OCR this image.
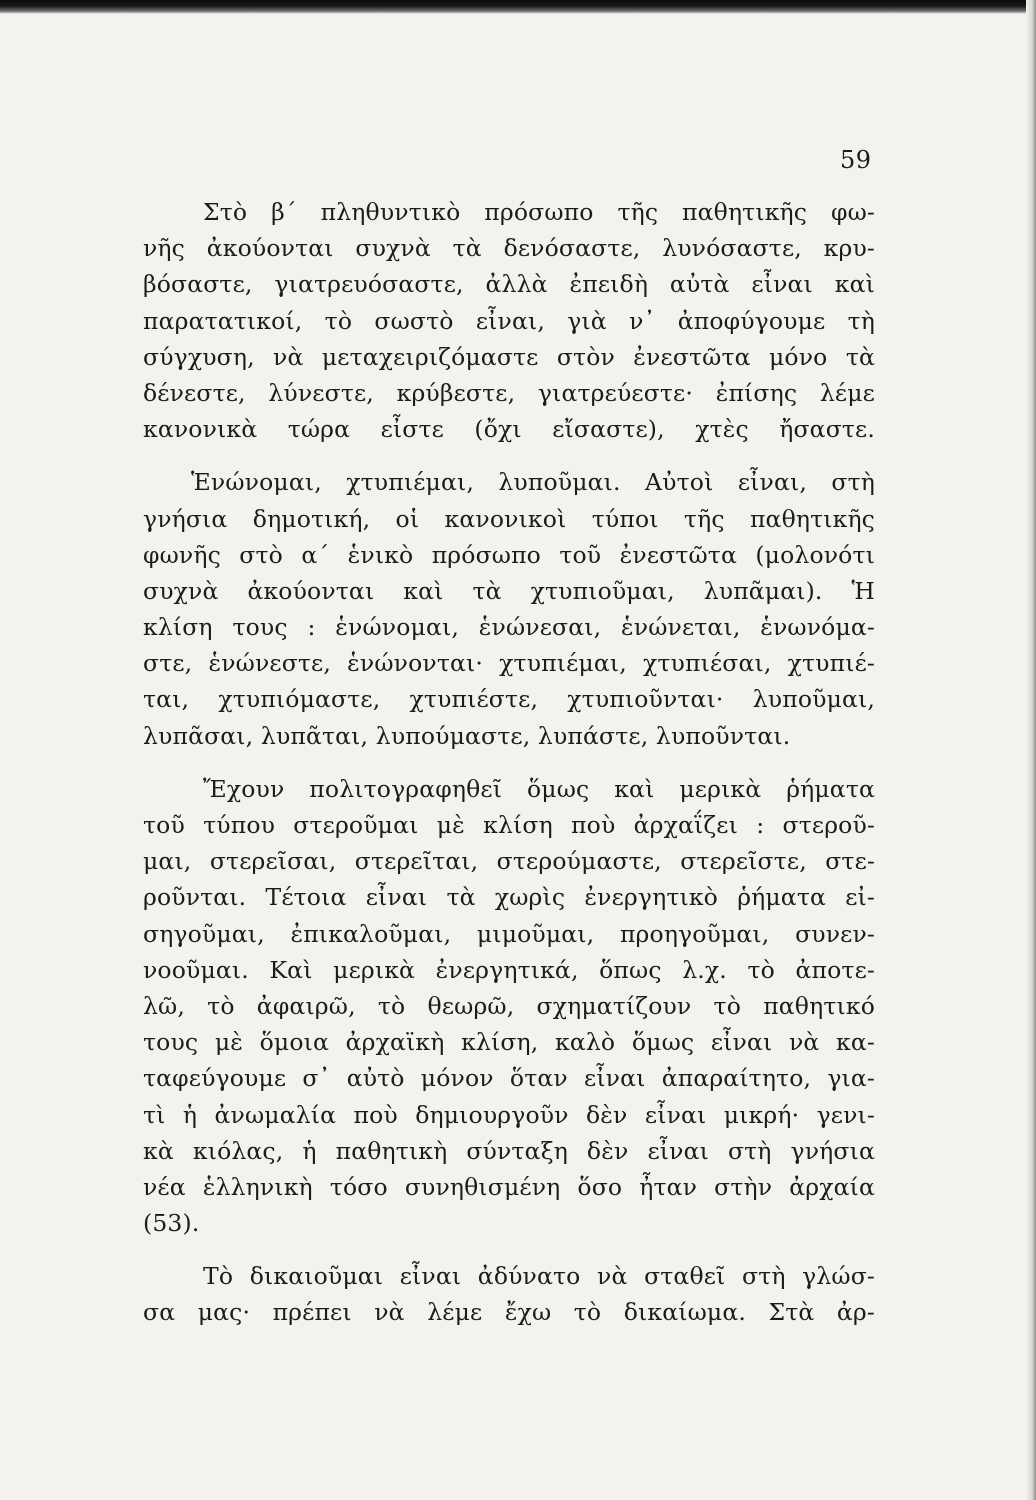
59
Στὸ β΄ πληθυντικὸ πρόσωπο τῆς παθητικῆς φω-
νῆς ἀκούονται συχνὰ τὰ δενόσαστε, λυνόσαστε, κρυ-
βόσαστε, γιατρευόσαστε, ἀλλὰ ἐπειδὴ αὐτὰ εἶναι καὶ
παρατατικοί, τὸ σωστὸ εἶναι, γιὰ ν᾿ ἀποφύγουμε τὴ
σύγχυση, νὰ μεταχειριζόμαστε στὸν ἐνεστῶτα μόνο τὰ
δένεστε, λύνεστε, κρύβεστε, γιατρεύεστε· ἐπίσης λέμε
κανονικὰ τώρα εἶστε (ὄχι εἴσαστε), χτὲς ἤσαστε.
Ἑνώνομαι, χτυπιέμαι, λυποῦμαι. Αὐτοὶ εἶναι, στὴ
γνήσια δημοτική, οἱ κανονικοὶ τύποι τῆς παθητικῆς
φωνῆς στὸ α΄ ἑνικὸ πρόσωπο τοῦ ἐνεστῶτα (μολονότι
συχνὰ ἀκούονται καὶ τὰ χτυπιοῦμαι, λυπᾶμαι). Ἡ
κλίση τους : ἑνώνομαι, ἑνώνεσαι, ἑνώνεται, ἑνωνόμα-
στε, ἑνώνεστε, ἑνώνονται· χτυπιέμαι, χτυπιέσαι, χτυπιέ-
ται, χτυπιόμαστε, χτυπιέστε, χτυπιοῦνται· λυποῦμαι,
λυπᾶσαι, λυπᾶται, λυπούμαστε, λυπάστε, λυποῦνται.
Ἔχουν πολιτογραφηθεῖ ὅμως καὶ μερικὰ ῥήματα
τοῦ τύπου στεροῦμαι μὲ κλίση ποὺ ἀρχαΐζει : στεροῦ-
μαι, στερεῖσαι, στερεῖται, στερούμαστε, στερεῖστε, στε-
ροῦνται. Τέτοια εἶναι τὰ χωρὶς ἐνεργητικὸ ῥήματα εἰ-
σηγοῦμαι, ἐπικαλοῦμαι, μιμοῦμαι, προηγοῦμαι, συνεν-
νοοῦμαι. Καὶ μερικὰ ἐνεργητικά, ὅπως λ.χ. τὸ ἀποτε-
λῶ, τὸ ἀφαιρῶ, τὸ θεωρῶ, σχηματίζουν τὸ παθητικό
τους μὲ ὅμοια ἀρχαϊκὴ κλίση, καλὸ ὅμως εἶναι νὰ κα-
ταφεύγουμε σ᾿ αὐτὸ μόνον ὅταν εἶναι ἀπαραίτητο, για-
τὶ ἡ ἀνωμαλία ποὺ δημιουργοῦν δὲν εἶναι μικρή· γενι-
κὰ κιόλας, ἡ παθητικὴ σύνταξη δὲν εἶναι στὴ γνήσια
νέα ἑλληνικὴ τόσο συνηθισμένη ὅσο ἦταν στὴν ἀρχαία
(53).
Τὸ δικαιοῦμαι εἶναι ἀδύνατο νὰ σταθεῖ στὴ γλώσ-
σα μας· πρέπει νὰ λέμε ἔχω τὸ δικαίωμα. Στὰ ἀρ-
